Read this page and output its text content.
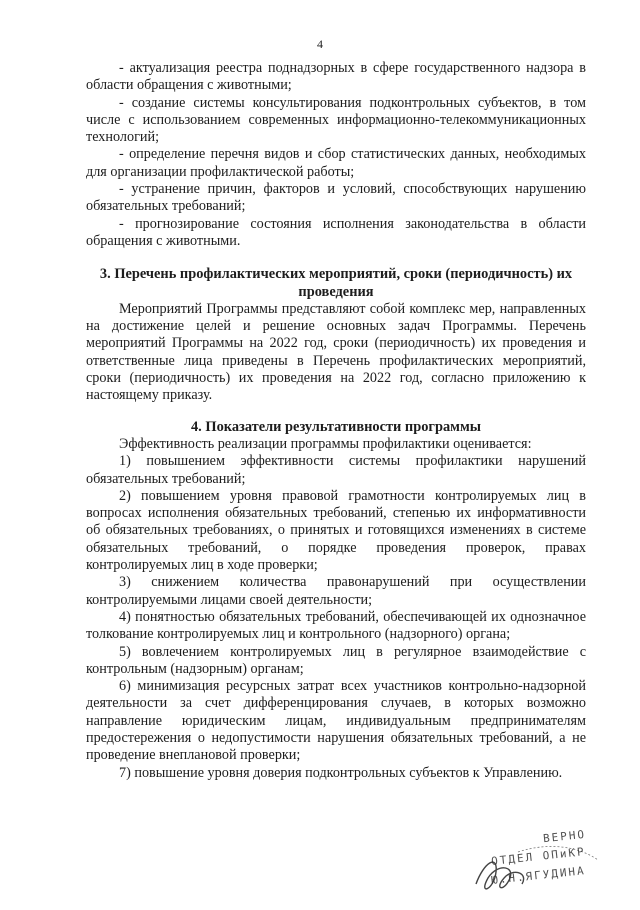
4
- актуализация реестра поднадзорных в сфере государственного надзора в области обращения с животными;
- создание системы консультирования подконтрольных субъектов, в том числе с использованием современных информационно-телекоммуникационных технологий;
- определение перечня видов и сбор статистических данных, необходимых для организации профилактической работы;
- устранение причин, факторов и условий, способствующих нарушению обязательных требований;
- прогнозирование состояния исполнения законодательства в области обращения с животными.
3. Перечень профилактических мероприятий, сроки (периодичность) их проведения
Мероприятий Программы представляют собой комплекс мер, направленных на достижение целей и решение основных задач Программы. Перечень мероприятий Программы на 2022 год, сроки (периодичность) их проведения и ответственные лица приведены в Перечень профилактических мероприятий, сроки (периодичность) их проведения на 2022 год, согласно приложению к настоящему приказу.
4. Показатели результативности программы
Эффективность реализации программы профилактики оценивается:
1) повышением эффективности системы профилактики нарушений обязательных требований;
2) повышением уровня правовой грамотности контролируемых лиц в вопросах исполнения обязательных требований, степенью их информативности об обязательных требованиях, о принятых и готовящихся изменениях в системе обязательных требований, о порядке проведения проверок, правах контролируемых лиц в ходе проверки;
3) снижением количества правонарушений при осуществлении контролируемыми лицами своей деятельности;
4) понятностью обязательных требований, обеспечивающей их однозначное толкование контролируемых лиц и контрольного (надзорного) органа;
5) вовлечением контролируемых лиц в регулярное взаимодействие с контрольным (надзорным) органам;
6) минимизация ресурсных затрат всех участников контрольно-надзорной деятельности за счет дифференцирования случаев, в которых возможно направление юридическим лицам, индивидуальным предпринимателям предостережения о недопустимости нарушения обязательных требований, а не проведение внеплановой проверки;
7) повышение уровня доверия подконтрольных субъектов к Управлению.
ВЕРНО
ОТДЕЛ ОПиКР
Ю.Н.ЯГУДИНА
